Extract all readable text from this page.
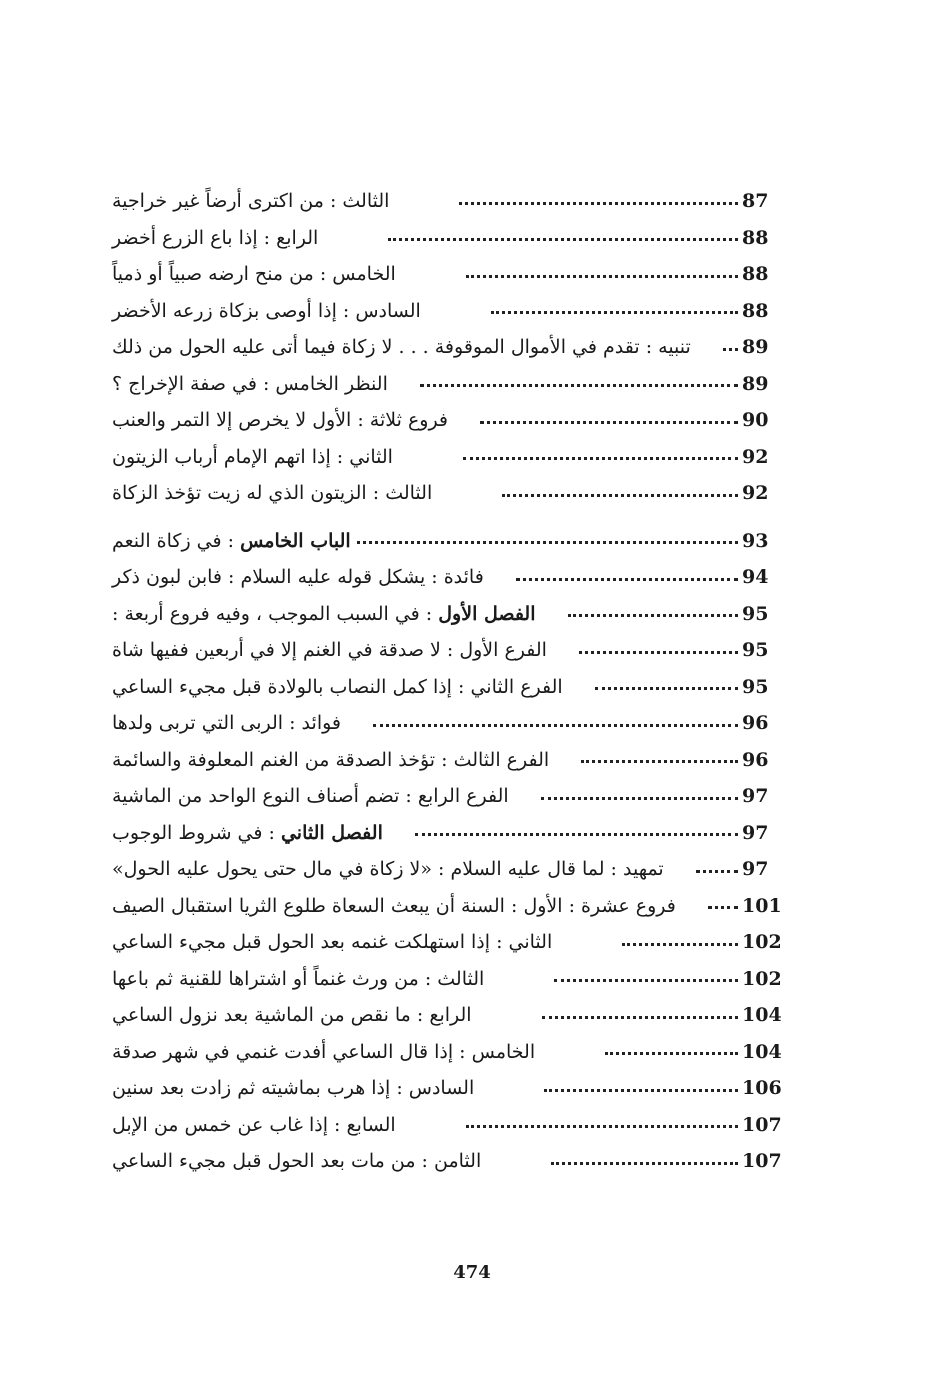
الثالث : من اكترى أرضاً غير خراجية	87
الرابع : إذا باع الزرع أخضر	88
الخامس : من منح ارضه صبياً أو ذمياً	88
السادس : إذا أوصى بزكاة زرعه الأخضر	88
تنبيه : تقدم في الأموال الموقوفة . . . لا زكاة فيما أتى عليه الحول من ذلك	89
النظر الخامس : في صفة الإخراج ؟	89
فروع ثلاثة : الأول لا يخرص إلا التمر والعنب	90
الثاني : إذا اتهم الإمام أرباب الزيتون	92
الثالث : الزيتون الذي له زيت تؤخذ الزكاة	92
الباب الخامس : في زكاة النعم	93
فائدة : يشكل قوله عليه السلام : فابن لبون ذكر	94
الفصل الأول : في السبب الموجب ، وفيه فروع أربعة :	95
الفرع الأول : لا صدقة في الغنم إلا في أربعين ففيها شاة	95
الفرع الثاني : إذا كمل النصاب بالولادة قبل مجيء الساعي	95
فوائد : الربى التي تربى ولدها	96
الفرع الثالث : تؤخذ الصدقة من الغنم المعلوفة والسائمة	96
الفرع الرابع : تضم أصناف النوع الواحد من الماشية	97
الفصل الثاني : في شروط الوجوب	97
تمهيد : لما قال عليه السلام : «لا زكاة في مال حتى يحول عليه الحول»	97
فروع عشرة : الأول : السنة أن يبعث السعاة طلوع الثريا استقبال الصيف	101
الثاني : إذا استهلكت غنمه بعد الحول قبل مجيء الساعي	102
الثالث : من ورث غنماً أو اشتراها للقنية ثم باعها	102
الرابع : ما نقص من الماشية بعد نزول الساعي	104
الخامس : إذا قال الساعي أفدت غنمي في شهر صدقة	104
السادس : إذا هرب بماشيته ثم زادت بعد سنين	106
السابع : إذا غاب عن خمس من الإبل	107
الثامن : من مات بعد الحول قبل مجيء الساعي	107
474
